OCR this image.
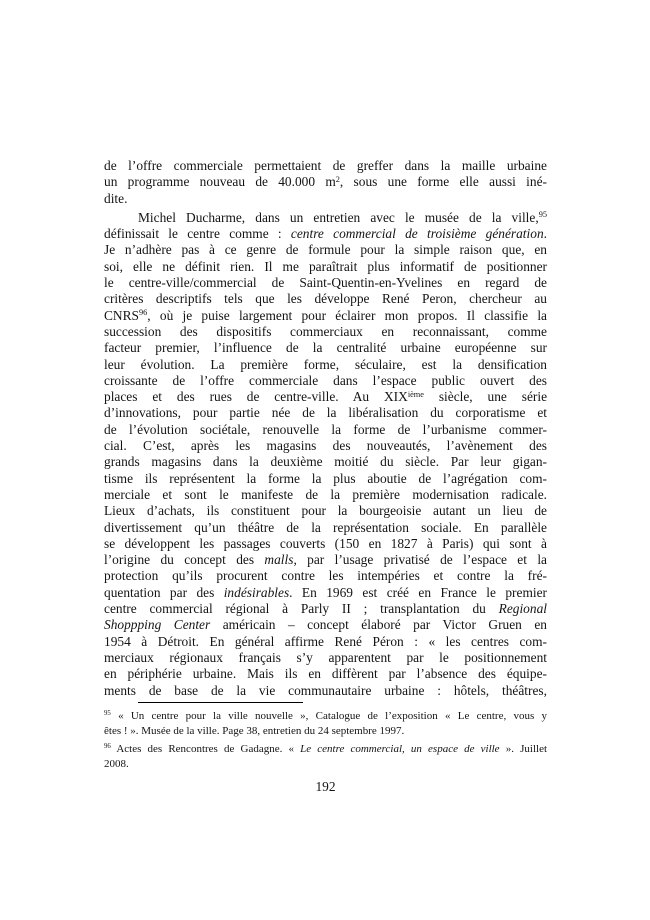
de l’offre commerciale permettaient de greffer dans la maille urbaine
un programme nouveau de 40.000 $m^2$, sous une forme elle aussi iné-
dite.
Michel Ducharme, dans un entretien avec le musée de la ville,$^{95}$
définissait le centre comme : centre commercial de troisième génération.
Je n’adhère pas à ce genre de formule pour la simple raison que, en
soi, elle ne définit rien. Il me paraîtrait plus informatif de positionner
le centre-ville/commercial de Saint-Quentin-en-Yvelines en regard de
critères descriptifs tels que les développe René Peron, chercheur au
CNRS$^{96}$, où je puise largement pour éclairer mon propos. Il classifie la
succession des dispositifs commerciaux en reconnaissant, comme
facteur premier, l’influence de la centralité urbaine européenne sur
leur évolution. La première forme, séculaire, est la densification
croissante de l’offre commerciale dans l’espace public ouvert des
places et des rues de centre-ville. Au XIXième siècle, une série
d’innovations, pour partie née de la libéralisation du corporatisme et
de l’évolution sociétale, renouvelle la forme de l’urbanisme commer-
cial. C’est, après les magasins des nouveautés, l’avènement des
grands magasins dans la deuxième moitié du siècle. Par leur gigan-
tisme ils représentent la forme la plus aboutie de l’agrégation com-
merciale et sont le manifeste de la première modernisation radicale.
Lieux d’achats, ils constituent pour la bourgeoisie autant un lieu de
divertissement qu’un théâtre de la représentation sociale. En parallèle
se développent les passages couverts (150 en 1827 à Paris) qui sont à
l’origine du concept des malls, par l’usage privatisé de l’espace et la
protection qu’ils procurent contre les intempéries et contre la fré-
quentation par des indésirables. En 1969 est créé en France le premier
centre commercial régional à Parly II ; transplantation du Regional
Shoppping Center américain – concept élaboré par Victor Gruen en
1954 à Détroit. En général affirme René Péron : « les centres com-
merciaux régionaux français s’y apparentent par le positionnement
en périphérie urbaine. Mais ils en diffèrent par l’absence des équipe-
ments de base de la vie communautaire urbaine : hôtels, théâtres,
$^{95}$ « Un centre pour la ville nouvelle », Catalogue de l’exposition « Le centre, vous y
êtes ! ». Musée de la ville. Page 38, entretien du 24 septembre 1997.
$^{96}$ Actes des Rencontres de Gadagne. « Le centre commercial, un espace de ville ». Juillet
2008.
192
